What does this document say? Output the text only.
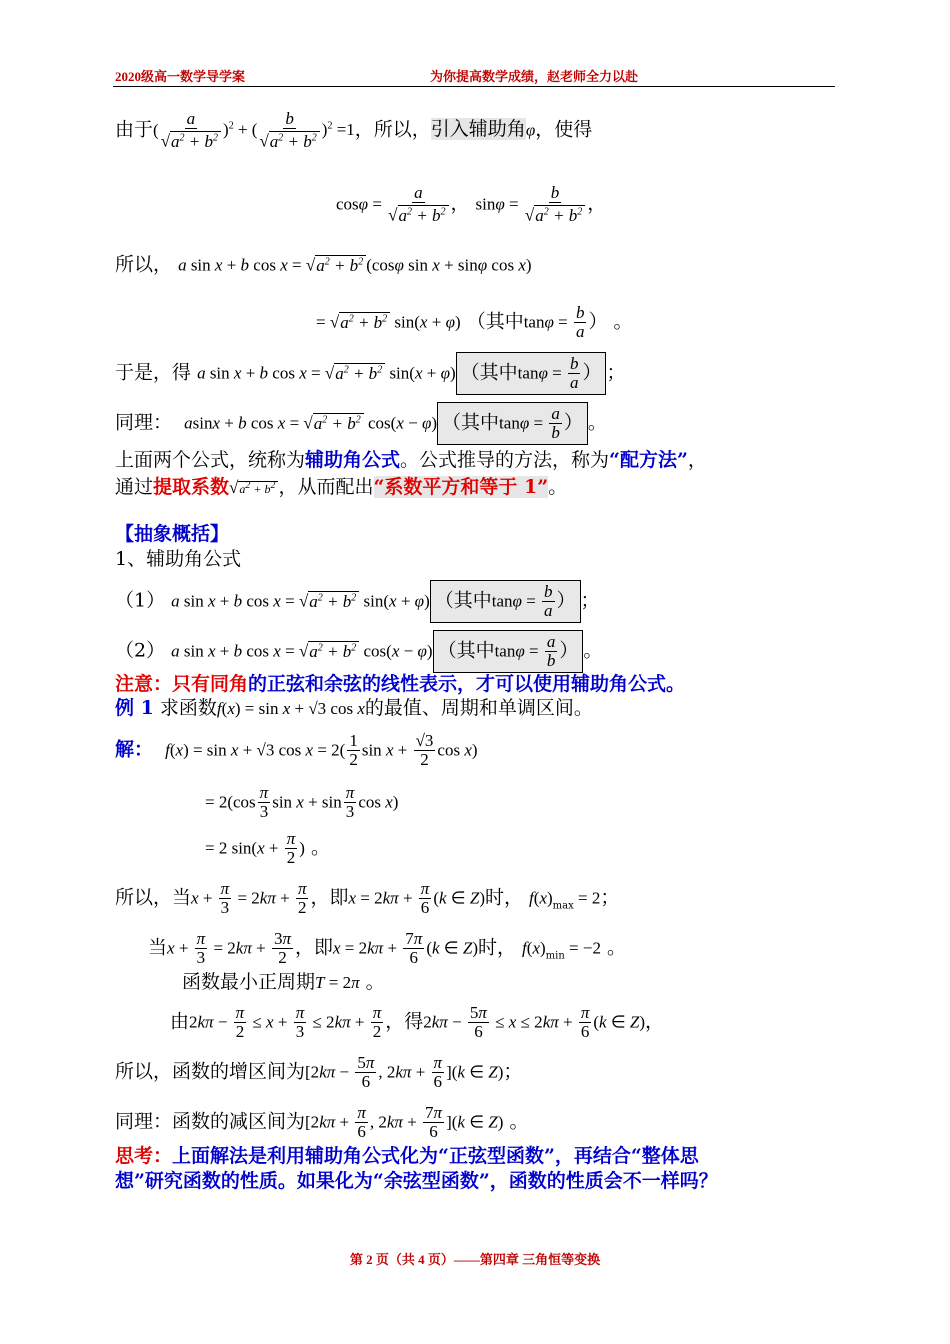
2020级高一数学导学案	为你提高数学成绩，赵老师全力以赴
由于( $\frac{a}{√a^2 + b^2} )^2$ + ( $\frac{b}{√a^2 + b^2} )^2 =1$，所以，引入辅助角φ，使得
$\cos\varphi = \frac{a}{√a^2 + b^2}$ ， $\sin\varphi = \frac{b}{√a^2 + b^2}$ ，
所以， a sin x + b $\cos x = √a^2 + b^2$ (cosφ sin x + sinφ cos x)
= $√a^2 + b^2$ sin(x + φ) （其中$\tan\varphi = \frac{b}{a}$ ） 。
于是，得 a sin x + b $\cos x = √a^2 + b^2$ sin(x + φ) （其中$\tan\varphi = \frac{b}{a}$ ） ；
同理： asinx + b $\cos x = √a^2 + b^2$ cos(x − φ) （其中$\tan\varphi = \frac{a}{b}$ ） 。
上面两个公式，统称为辅助角公式。公式推导的方法，称为“配方法”，
通过提取系数$√a^2 + b^2$ ，从而配出“系数平方和等于 1”。
【抽象概括】
1、辅助角公式
（1） a sin x + b $\cos x = √a^2 + b^2$ sin(x + φ) （其中$\tan\varphi = \frac{b}{a}$ ） ；
（2） a sin x + b $\cos x = √a^2 + b^2$ cos(x − φ) （其中$\tan\varphi = \frac{a}{b}$ ） 。
注意：只有同角的正弦和余弦的线性表示，才可以使用辅助角公式。
例 1 求函数f(x) = sin x + √3 cos x的最值、周期和单调区间。
解： f(x) = sin x + √3 $\cos x = 2( \frac{1}{2}$ $\sin x + \frac{√3}{2}$ cos x)
= $2(\cos \frac{\pi}{3}$ $\sin x + \sin \frac{\pi}{3}$ cos x)
= 2 $\sin(x + \frac{\pi}{2}$ ) 。
所以，当$x + \frac{\pi}{3} = 2k\pi + \frac{\pi}{2}$ ，即$x = 2k\pi + \frac{\pi}{6} (k$ ∈ Z)时， $f(x)_{max} = 2$；
当$x + \frac{\pi}{3} = 2k\pi + \frac{3\pi}{2}$ ，即$x = 2k\pi + \frac{7\pi}{6} (k$ ∈ Z)时， $f(x)_{min} = -2$ 。
函数最小正周期T = 2π 。
由$2k\pi - \frac{\pi}{2} \le x + \frac{\pi}{3} \le 2k\pi + \frac{\pi}{2}$ ，得$2k\pi - \frac{5\pi}{6} \le x \le 2k\pi + \frac{\pi}{6} (k$ ∈ Z)，
所以，函数的增区间为[$2k\pi - \frac{5\pi}{6}$ , $2k\pi + \frac{\pi}{6} ](k$ ∈ Z)；
同理：函数的减区间为[$2k\pi + \frac{\pi}{6}$ , $2k\pi + \frac{7\pi}{6} ](k$ ∈ Z) 。
思考：上面解法是利用辅助角公式化为“正弦型函数”，再结合“整体思
想”研究函数的性质。如果化为“余弦型函数”，函数的性质会不一样吗？
第 2 页（共 4 页）——第四章 三角恒等变换
